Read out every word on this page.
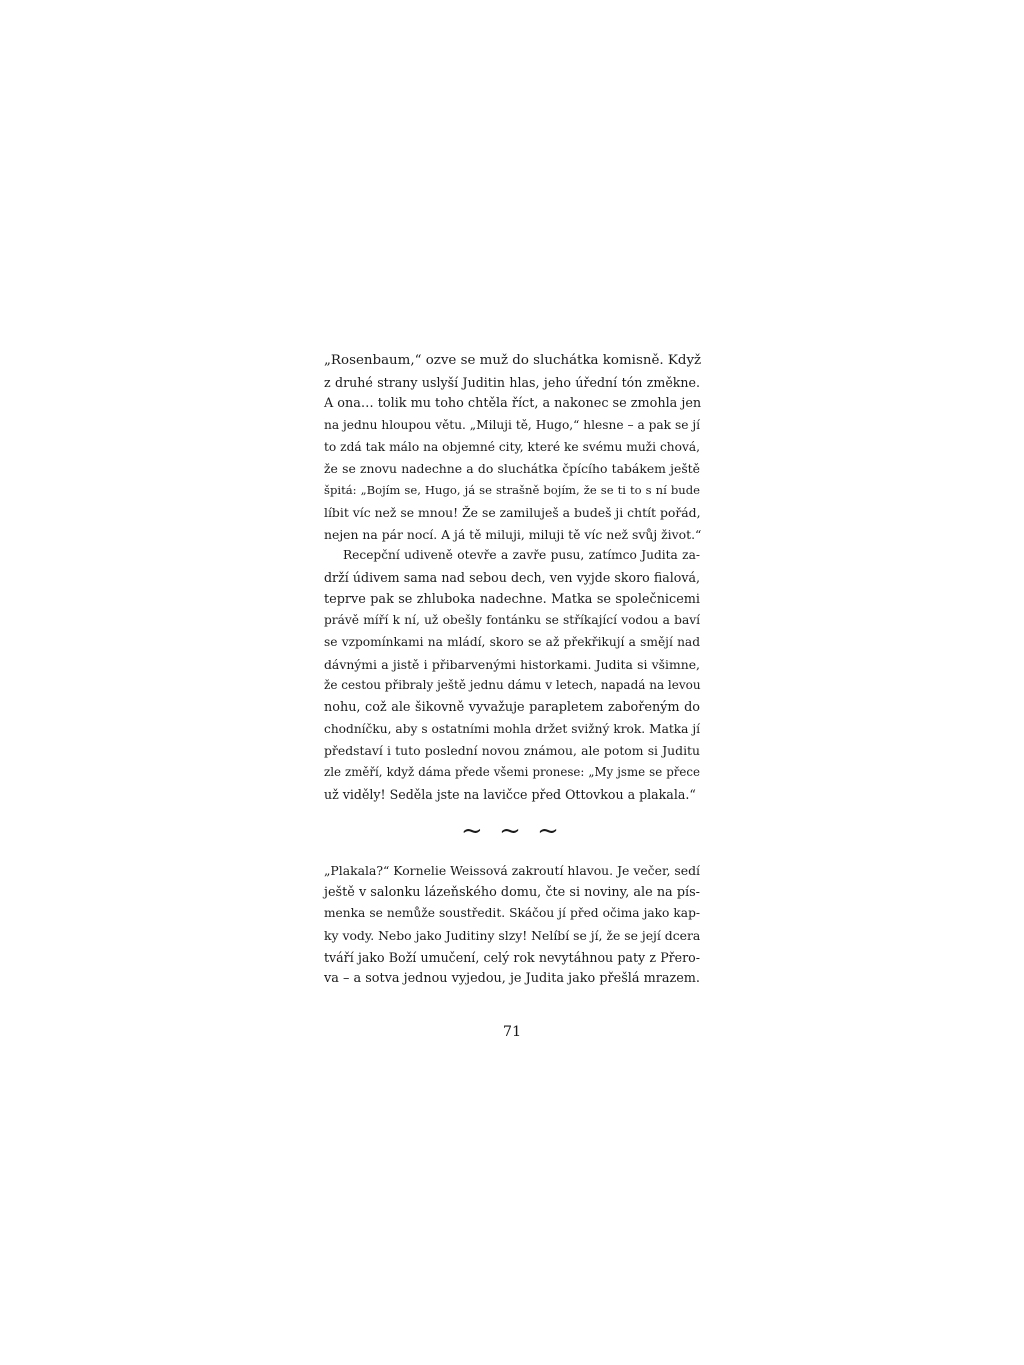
„Rosenbaum,“ ozve se muž do sluchátka komisně. Když
z druhé strany uslyší Juditin hlas, jeho úřední tón změkne.
A ona… tolik mu toho chtěla říct, a nakonec se zmohla jen
na jednu hloupou větu. „Miluji tě, Hugo,“ hlesne – a pak se jí
to zdá tak málo na objemné city, které ke svému muži chová,
že se znovu nadechne a do sluchátka čpícího tabákem ještě
špitá: „Bojím se, Hugo, já se strašně bojím, že se ti to s ní bude
líbit víc než se mnou! Že se zamiluješ a budeš ji chtít pořád,
nejen na pár nocí. A já tě miluji, miluji tě víc než svůj život.“
Recepční udiveně otevře a zavře pusu, zatímco Judita za-
drží údivem sama nad sebou dech, ven vyjde skoro fialová,
teprve pak se zhluboka nadechne. Matka se společnicemi
právě míří k ní, už obešly fontánku se stříkající vodou a baví
se vzpomínkami na mládí, skoro se až překřikují a smějí nad
dávnými a jistě i přibarvenými historkami. Judita si všimne,
že cestou přibraly ještě jednu dámu v letech, napadá na levou
nohu, což ale šikovně vyvažuje parapletem zabořeným do
chodníčku, aby s ostatními mohla držet svižný krok. Matka jí
představí i tuto poslední novou známou, ale potom si Juditu
zle změří, když dáma přede všemi pronese: „My jsme se přece
už viděly! Seděla jste na lavičce před Ottovkou a plakala.“
~ ~ ~
„Plakala?“ Kornelie Weissová zakroutí hlavou. Je večer, sedí
ještě v salonku lázeňského domu, čte si noviny, ale na pís-
menka se nemůže soustředit. Skáčou jí před očima jako kap-
ky vody. Nebo jako Juditiny slzy! Nelíbí se jí, že se její dcera
tváří jako Boží umučení, celý rok nevytáhnou paty z Přero-
va – a sotva jednou vyjedou, je Judita jako přešlá mrazem.
71
